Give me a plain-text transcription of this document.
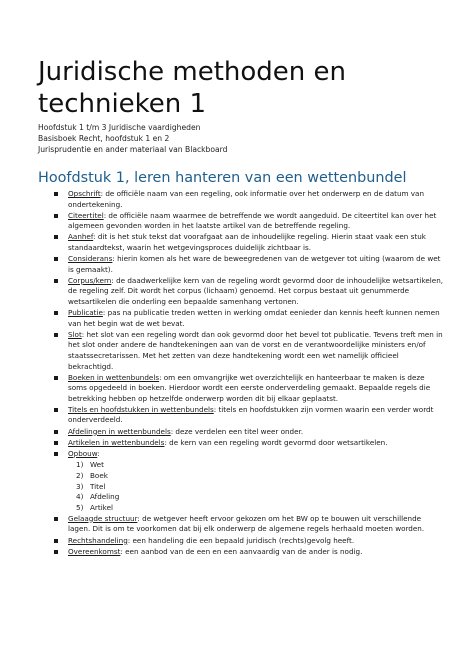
Juridische methoden en
technieken 1
Hoofdstuk 1 t/m 3 Juridische vaardigheden
Basisboek Recht, hoofdstuk 1 en 2
Jurisprudentie en ander materiaal van Blackboard
Hoofdstuk 1, leren hanteren van een wettenbundel
Opschrift: de officiële naam van een regeling, ook informatie over het onderwerp en de datum van ondertekening.
Citeertitel: de officiële naam waarmee de betreffende we wordt aangeduid. De citeertitel kan over het algemeen gevonden worden in het laatste artikel van de betreffende regeling.
Aanhef: dit is het stuk tekst dat voorafgaat aan de inhoudelijke regeling. Hierin staat vaak een stuk standaardtekst, waarin het wetgevingsproces duidelijk zichtbaar is.
Considerans: hierin komen als het ware de beweegredenen van de wetgever tot uiting (waarom de wet is gemaakt).
Corpus/kern: de daadwerkelijke kern van de regeling wordt gevormd door de inhoudelijke wetsartikelen, de regeling zelf. Dit wordt het corpus (lichaam) genoemd. Het corpus bestaat uit genummerde wetsartikelen die onderling een bepaalde samenhang vertonen.
Publicatie: pas na publicatie treden wetten in werking omdat eenieder dan kennis heeft kunnen nemen van het begin wat de wet bevat.
Slot: het slot van een regeling wordt dan ook gevormd door het bevel tot publicatie. Tevens treft men in het slot onder andere de handtekeningen aan van de vorst en de verantwoordelijke ministers en/of staatssecretarissen. Met het zetten van deze handtekening wordt een wet namelijk officieel bekrachtigd.
Boeken in wettenbundels: om een omvangrijke wet overzichtelijk en hanteerbaar te maken is deze soms opgedeeld in boeken. Hierdoor wordt een eerste onderverdeling gemaakt. Bepaalde regels die betrekking hebben op hetzelfde onderwerp worden dit bij elkaar geplaatst.
Titels en hoofdstukken in wettenbundels: titels en hoofdstukken zijn vormen waarin een verder wordt onderverdeeld.
Afdelingen in wettenbundels: deze verdelen een titel weer onder.
Artikelen in wettenbundels: de kern van een regeling wordt gevormd door wetsartikelen.
Opbouw:
1) Wet
2) Boek
3) Titel
4) Afdeling
5) Artikel
Gelaagde structuur: de wetgever heeft ervoor gekozen om het BW op te bouwen uit verschillende lagen. Dit is om te voorkomen dat bij elk onderwerp de algemene regels herhaald moeten worden.
Rechtshandeling: een handeling die een bepaald juridisch (rechts)gevolg heeft.
Overeenkomst: een aanbod van de een en een aanvaardig van de ander is nodig.
